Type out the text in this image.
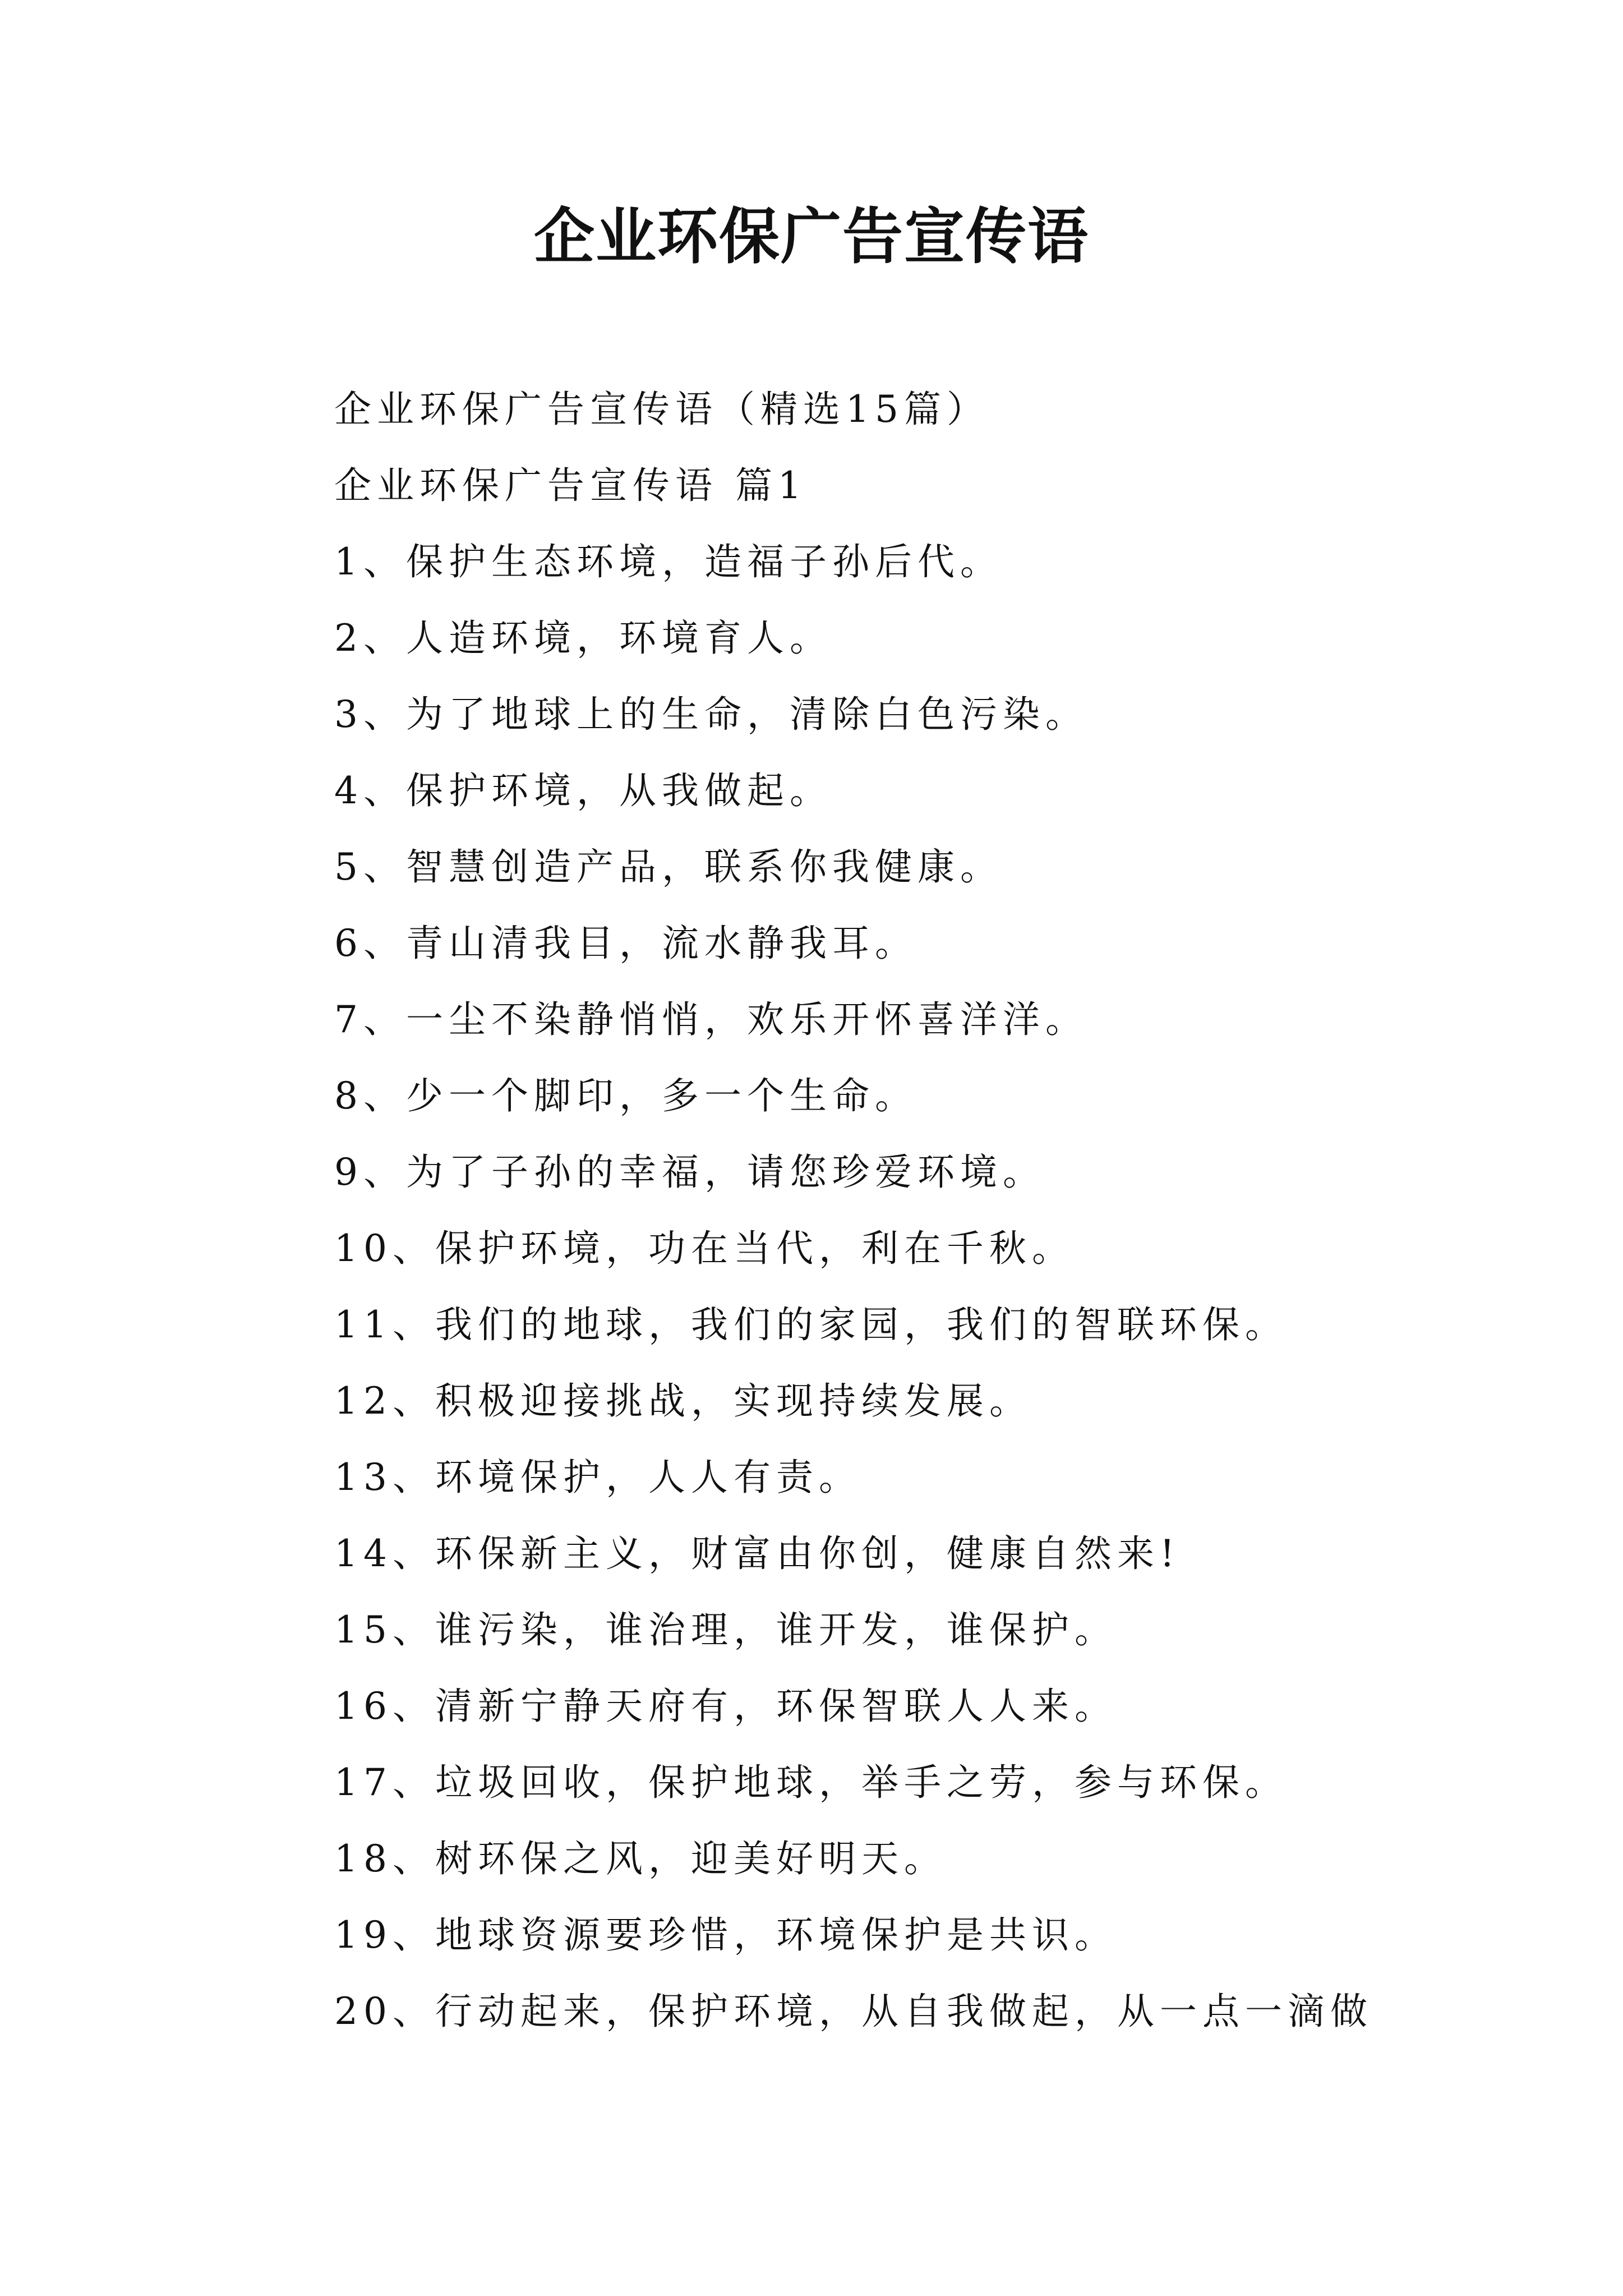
企业环保广告宣传语
企业环保广告宣传语（精选15篇）
企业环保广告宣传语 篇1
1、保护生态环境，造福子孙后代。
2、人造环境，环境育人。
3、为了地球上的生命，清除白色污染。
4、保护环境，从我做起。
5、智慧创造产品，联系你我健康。
6、青山清我目，流水静我耳。
7、一尘不染静悄悄，欢乐开怀喜洋洋。
8、少一个脚印，多一个生命。
9、为了子孙的幸福，请您珍爱环境。
10、保护环境，功在当代，利在千秋。
11、我们的地球，我们的家园，我们的智联环保。
12、积极迎接挑战，实现持续发展。
13、环境保护，人人有责。
14、环保新主义，财富由你创，健康自然来!
15、谁污染，谁治理，谁开发，谁保护。
16、清新宁静天府有，环保智联人人来。
17、垃圾回收，保护地球，举手之劳，参与环保。
18、树环保之风，迎美好明天。
19、地球资源要珍惜，环境保护是共识。
20、行动起来，保护环境，从自我做起，从一点一滴做
